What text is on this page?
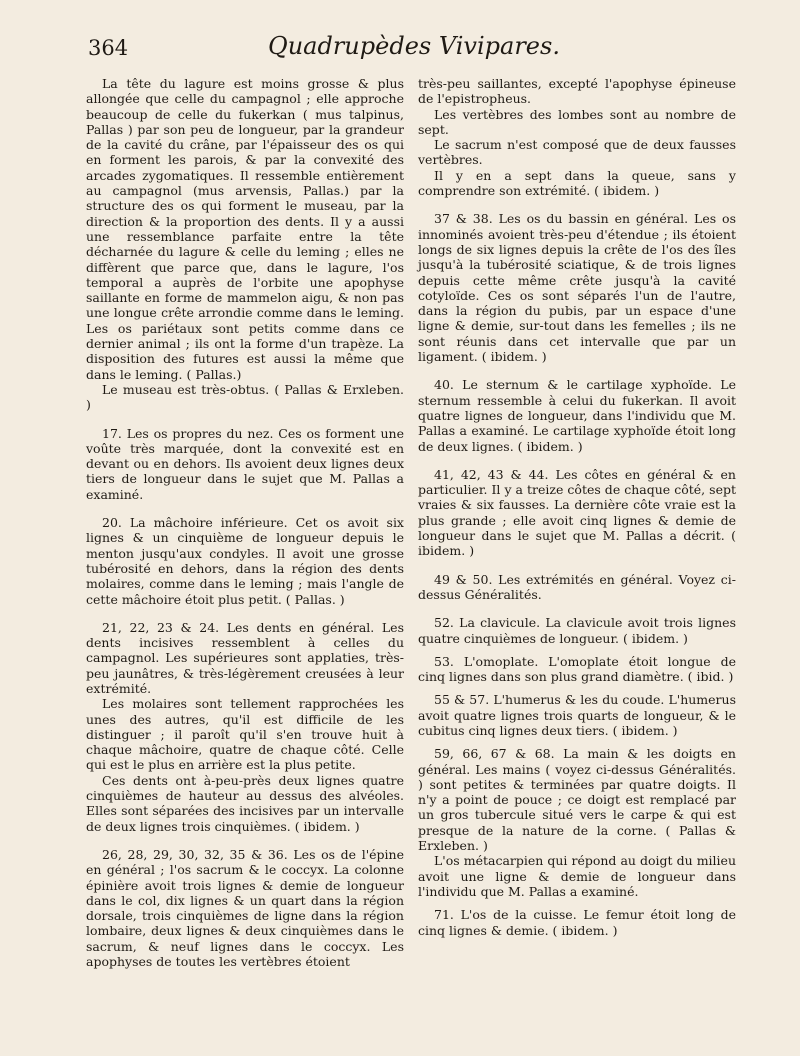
364	Quadrupèdes Vivipares.

La tête du lagure est moins grosse & plus allongée que celle du campagnol ; elle approche beaucoup de celle du fukerkan ( mus talpinus, Pallas ) par son peu de longueur, par la grandeur de la cavité du crâne, par l'épaisseur des os qui en forment les parois, & par la convexité des arcades zygomatiques. Il ressemble entièrement au campagnol (mus arvensis, Pallas.) par la structure des os qui forment le museau, par la direction & la proportion des dents. Il y a aussi une ressemblance parfaite entre la tête décharnée du lagure & celle du leming ; elles ne diffèrent que parce que, dans le lagure, l'os temporal a auprès de l'orbite une apophyse saillante en forme de mammelon aigu, & non pas une longue crête arrondie comme dans le leming. Les os pariétaux sont petits comme dans ce dernier animal ; ils ont la forme d'un trapèze. La disposition des futures est aussi la même que dans le leming. ( Pallas.)

Le museau est très-obtus. ( Pallas & Erxleben. )

17. Les os propres du nez. Ces os forment une voûte très marquée, dont la convexité est en devant ou en dehors. Ils avoient deux lignes deux tiers de longueur dans le sujet que M. Pallas a examiné.

20. La mâchoire inférieure. Cet os avoit six lignes & un cinquième de longueur depuis le menton jusqu'aux condyles. Il avoit une grosse tubérosité en dehors, dans la région des dents molaires, comme dans le leming ; mais l'angle de cette mâchoire étoit plus petit. ( Pallas. )

21, 22, 23 & 24. Les dents en général. Les dents incisives ressemblent à celles du campagnol. Les supérieures sont applaties, très-peu jaunâtres, & très-légèrement creusées à leur extrémité.

Les molaires sont tellement rapprochées les unes des autres, qu'il est difficile de les distinguer ; il paroît qu'il s'en trouve huit à chaque mâchoire, quatre de chaque côté. Celle qui est le plus en arrière est la plus petite.

Ces dents ont à-peu-près deux lignes quatre cinquièmes de hauteur au dessus des alvéoles. Elles sont séparées des incisives par un intervalle de deux lignes trois cinquièmes. ( ibidem. )

26, 28, 29, 30, 32, 35 & 36. Les os de l'épine en général ; l'os sacrum & le coccyx. La colonne épinière avoit trois lignes & demie de longueur dans le col, dix lignes & un quart dans la région dorsale, trois cinquièmes de ligne dans la région lombaire, deux lignes & deux cinquièmes dans le sacrum, & neuf lignes dans le coccyx. Les apophyses de toutes les vertèbres étoient

très-peu saillantes, excepté l'apophyse épineuse de l'epistropheus.

Les vertèbres des lombes sont au nombre de sept.

Le sacrum n'est composé que de deux fausses vertèbres.

Il y en a sept dans la queue, sans y comprendre son extrémité. ( ibidem. )

37 & 38. Les os du bassin en général. Les os innominés avoient très-peu d'étendue ; ils étoient longs de six lignes depuis la crête de l'os des îles jusqu'à la tubérosité sciatique, & de trois lignes depuis cette même crête jusqu'à la cavité cotyloïde. Ces os sont séparés l'un de l'autre, dans la région du pubis, par un espace d'une ligne & demie, sur-tout dans les femelles ; ils ne sont réunis dans cet intervalle que par un ligament. ( ibidem. )

40. Le sternum & le cartilage xyphoïde. Le sternum ressemble à celui du fukerkan. Il avoit quatre lignes de longueur, dans l'individu que M. Pallas a examiné. Le cartilage xyphoïde étoit long de deux lignes. ( ibidem. )

41, 42, 43 & 44. Les côtes en général & en particulier. Il y a treize côtes de chaque côté, sept vraies & six fausses. La dernière côte vraie est la plus grande ; elle avoit cinq lignes & demie de longueur dans le sujet que M. Pallas a décrit. ( ibidem. )

49 & 50. Les extrémités en général. Voyez ci-dessus Généralités.

52. La clavicule. La clavicule avoit trois lignes quatre cinquièmes de longueur. ( ibidem. )

53. L'omoplate. L'omoplate étoit longue de cinq lignes dans son plus grand diamètre. ( ibid. )

55 & 57. L'humerus & les du coude. L'humerus avoit quatre lignes trois quarts de longueur, & le cubitus cinq lignes deux tiers. ( ibidem. )

59, 66, 67 & 68. La main & les doigts en général. Les mains ( voyez ci-dessus Généralités. ) sont petites & terminées par quatre doigts. Il n'y a point de pouce ; ce doigt est remplacé par un gros tubercule situé vers le carpe & qui est presque de la nature de la corne. ( Pallas & Erxleben. )

L'os métacarpien qui répond au doigt du milieu avoit une ligne & demie de longueur dans l'individu que M. Pallas a examiné.

71. L'os de la cuisse. Le femur étoit long de cinq lignes & demie. ( ibidem. )
